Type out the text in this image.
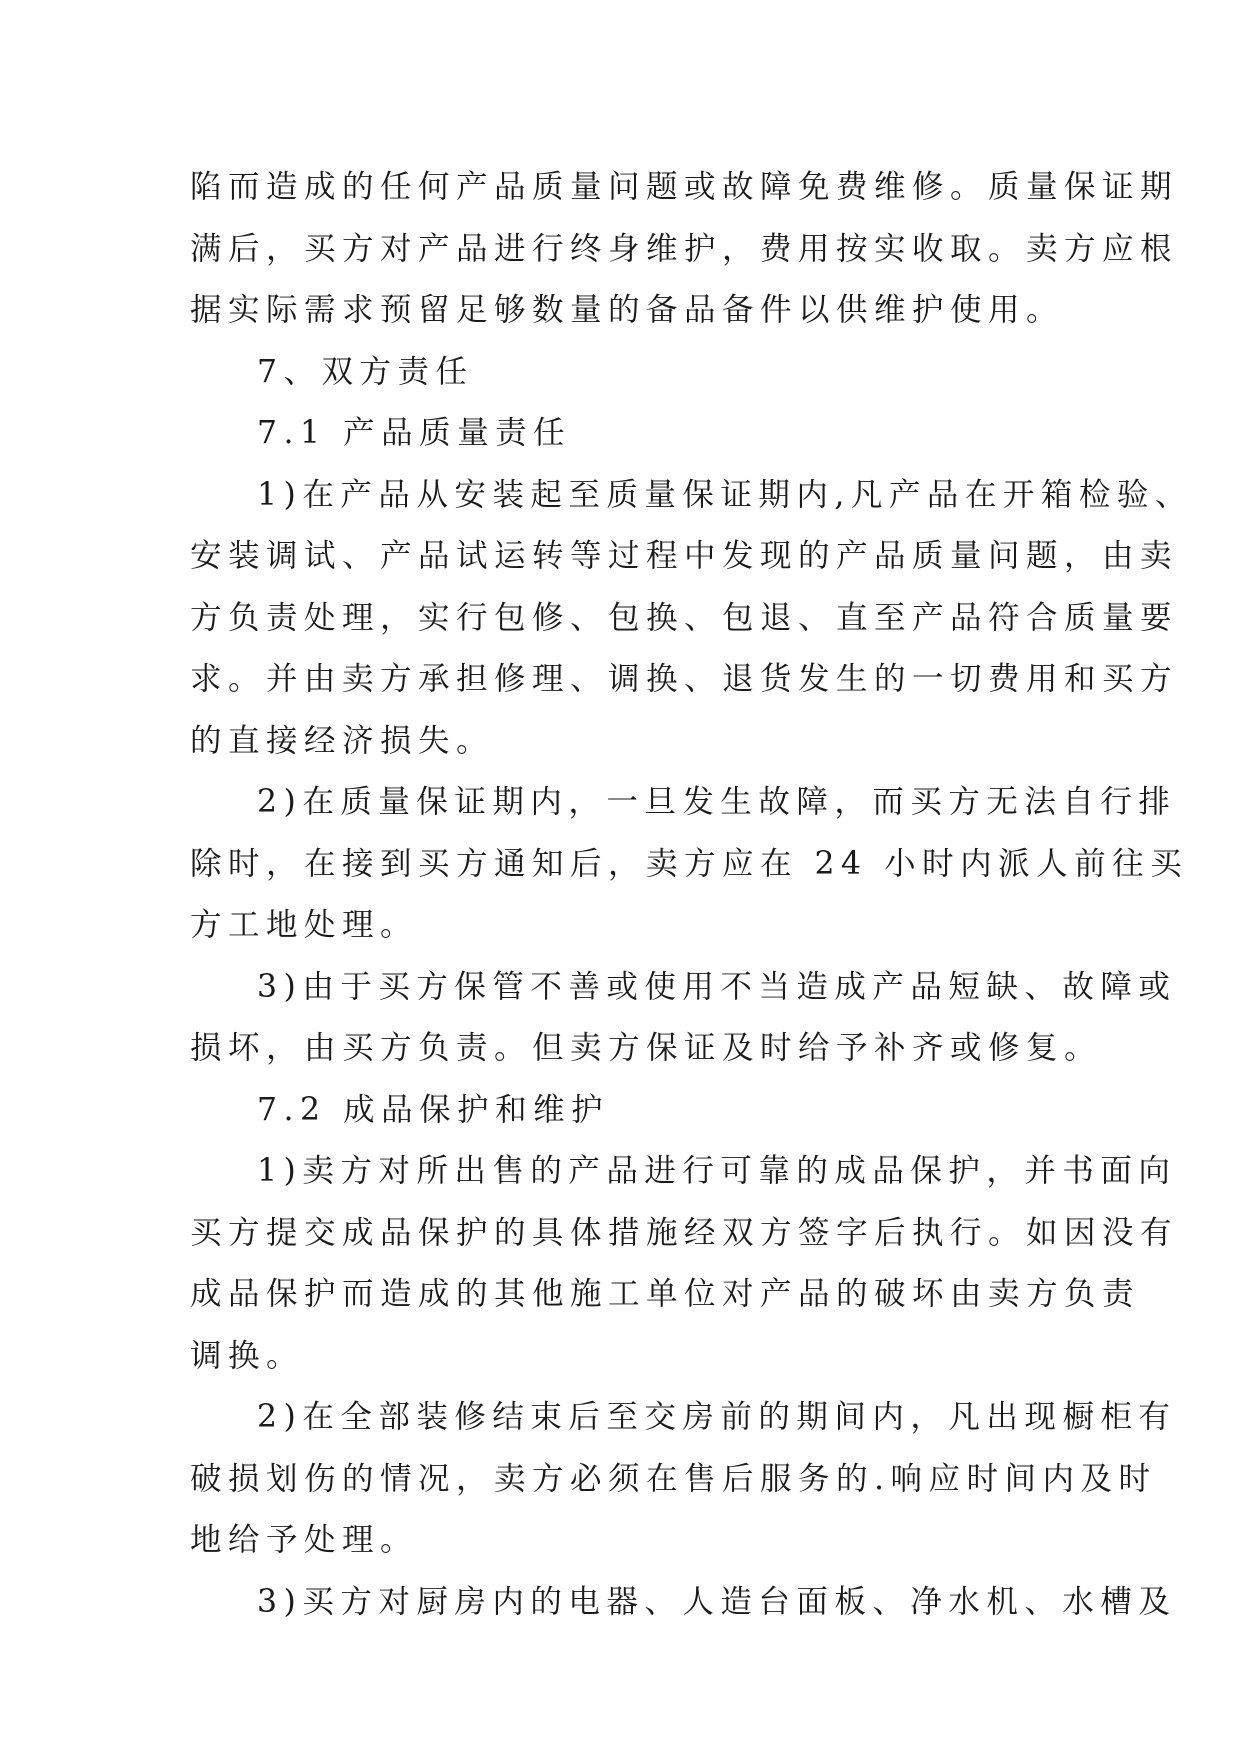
陷而造成的任何产品质量问题或故障免费维修。质量保证期
满后，买方对产品进行终身维护，费用按实收取。卖方应根
据实际需求预留足够数量的备品备件以供维护使用。
7、双方责任
7.1 产品质量责任
1)在产品从安装起至质量保证期内,凡产品在开箱检验、
安装调试、产品试运转等过程中发现的产品质量问题，由卖
方负责处理，实行包修、包换、包退、直至产品符合质量要
求。并由卖方承担修理、调换、退货发生的一切费用和买方
的直接经济损失。
2)在质量保证期内，一旦发生故障，而买方无法自行排
除时，在接到买方通知后，卖方应在 24 小时内派人前往买
方工地处理。
3)由于买方保管不善或使用不当造成产品短缺、故障或
损坏，由买方负责。但卖方保证及时给予补齐或修复。
7.2 成品保护和维护
1)卖方对所出售的产品进行可靠的成品保护，并书面向
买方提交成品保护的具体措施经双方签字后执行。如因没有
成品保护而造成的其他施工单位对产品的破坏由卖方负责
调换。
2)在全部装修结束后至交房前的期间内，凡出现橱柜有
破损划伤的情况，卖方必须在售后服务的.响应时间内及时
地给予处理。
3)买方对厨房内的电器、人造台面板、净水机、水槽及
